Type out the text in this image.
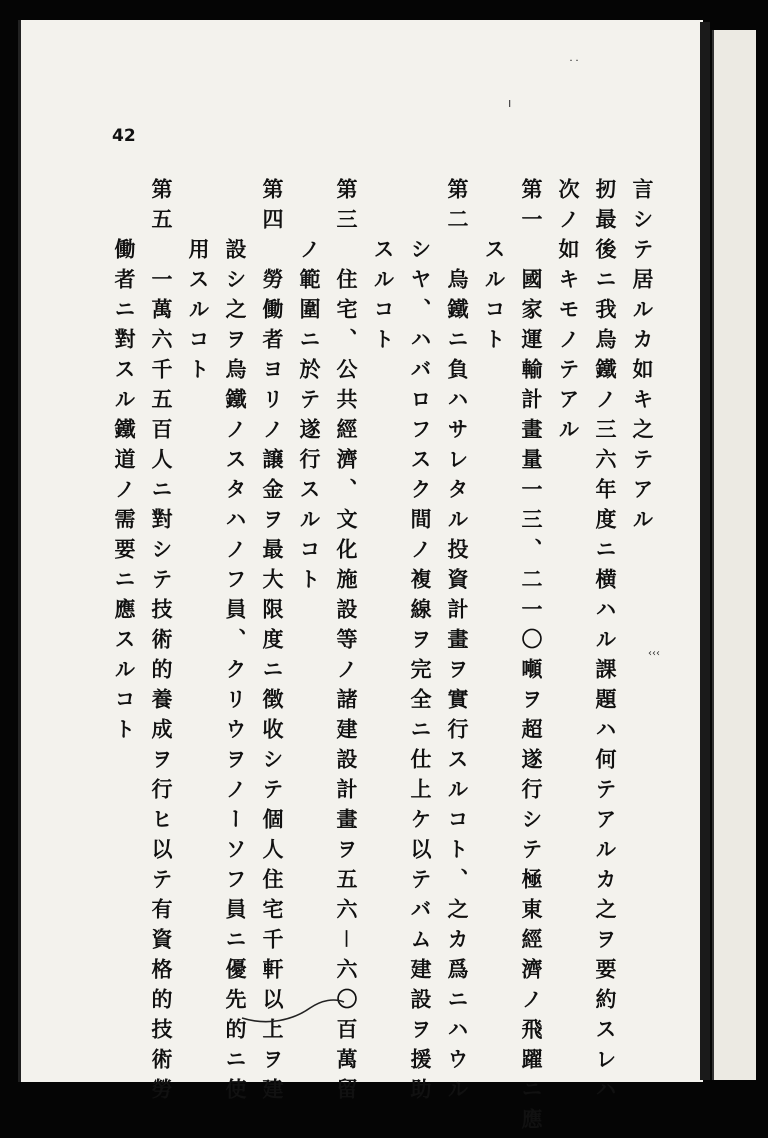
˙˙
ı
‹‹‹
42
言シテ居ルカ如キ之テアル
扨最後ニ我烏鐵ノ三六年度ニ横ハル課題ハ何テアルカ之ヲ要約スレハ
次ノ如キモノテアル
第一　國家運輸計畫量一三、二一〇噸ヲ超遂行シテ極東經濟ノ飛躍ニ應
　　スルコト
第二　烏鐵ニ負ハサレタル投資計畫ヲ實行スルコト、之カ爲ニハウル
　　シヤ、ハバロフスク間ノ複線ヲ完全ニ仕上ケ以テバム建設ヲ援助
　　スルコト
第三　住宅、公共經濟、文化施設等ノ諸建設計畫ヲ五六－六〇百萬留
　　ノ範圍ニ於テ遂行スルコト
第四　勞働者ヨリノ譲金ヲ最大限度ニ徴收シテ個人住宅千軒以上ヲ建
　　設シ之ヲ烏鐵ノスタハノフ員、クリウヲノーソフ員ニ優先的ニ使
　　用スルコト
第五　一萬六千五百人ニ對シテ技術的養成ヲ行ヒ以テ有資格的技術勞
　　働者ニ對スル鐵道ノ需要ニ應スルコト
